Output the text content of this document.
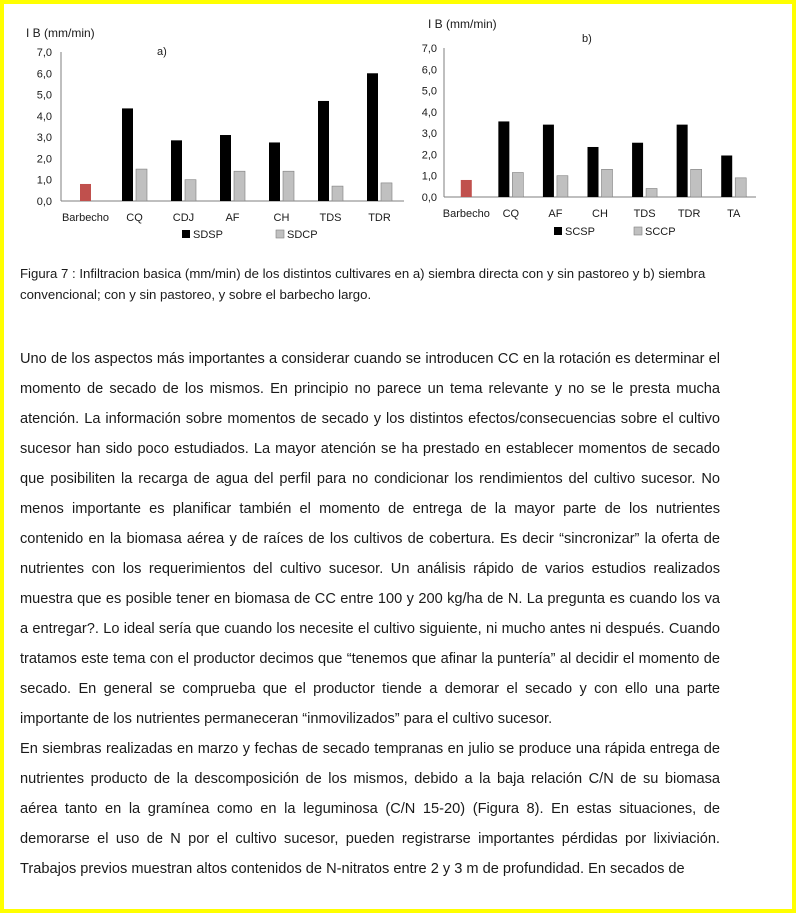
I B (mm/min)
a)
0,0
1,0
2,0
3,0
4,0
5,0
6,0
7,0
Barbecho CQ	CDJ	AF	CH	TDS TDR
SDSP	SDCP
I B (mm/min)
b)
0,0
1,0
2,0
3,0
4,0
5,0
6,0
7,0
Barbecho CQ	AF	CH TDS TDR TA
SCSP	SCCP
Figura 7 : Infiltracion basica (mm/min) de los distintos cultivares en a) siembra directa con y sin pastoreo y b) siembra convencional; con y sin pastoreo, y sobre el barbecho largo.

Uno de los aspectos más importantes a considerar cuando se introducen CC en la rotación es determinar el momento de secado de los mismos. En principio no parece un tema relevante y no se le presta mucha atención. La información sobre momentos de secado y los distintos efectos/consecuencias sobre el cultivo sucesor han sido poco estudiados. La mayor atención se ha prestado en establecer momentos de secado que posibiliten la recarga de agua del perfil para no condicionar los rendimientos del cultivo sucesor. No menos importante es planificar también el momento de entrega de la mayor parte de los nutrientes contenido en la biomasa aérea y de raíces de los cultivos de cobertura. Es decir “sincronizar” la oferta de nutrientes con los requerimientos del cultivo sucesor. Un análisis rápido de varios estudios realizados muestra que es posible tener en biomasa de CC entre 100 y 200 kg/ha de N. La pregunta es cuando los va a entregar?. Lo ideal sería que cuando los necesite el cultivo siguiente, ni mucho antes ni después. Cuando tratamos este tema con el productor decimos que “tenemos que afinar la puntería” al decidir el momento de secado. En general se comprueba que el productor tiende a demorar el secado y con ello una parte importante de los nutrientes permaneceran “inmovilizados” para el cultivo sucesor.

En siembras realizadas en marzo y fechas de secado tempranas en julio se produce una rápida entrega de nutrientes producto de la descomposición de los mismos, debido a la baja relación C/N de su biomasa aérea tanto en la gramínea como en la leguminosa (C/N 15-20) (Figura 8). En estas situaciones, de demorarse el uso de N por el cultivo sucesor, pueden registrarse importantes pérdidas por lixiviación. Trabajos previos muestran altos contenidos de N-nitratos entre 2 y 3 m de profundidad. En secados de
